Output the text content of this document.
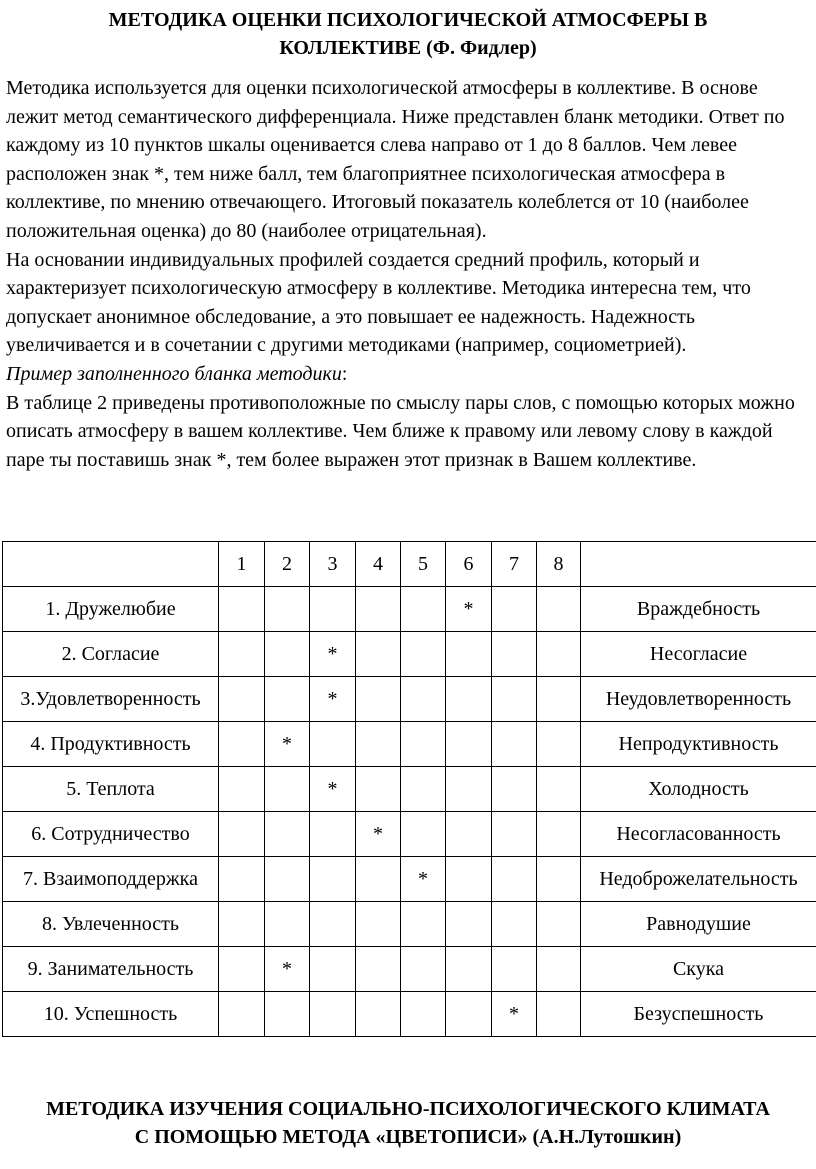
МЕТОДИКА ОЦЕНКИ ПСИХОЛОГИЧЕСКОЙ АТМОСФЕРЫ В
КОЛЛЕКТИВЕ (Ф. Фидлер)

Методика используется для оценки психологической атмосферы в коллективе. В основе лежит метод семантического дифференциала. Ниже представлен бланк методики. Ответ по каждому из 10 пунктов шкалы оценивается слева направо от 1 до 8 баллов. Чем левее расположен знак *, тем ниже балл, тем благоприятнее психологическая атмосфера в коллективе, по мнению отвечающего. Итоговый показатель колеблется от 10 (наиболее положительная оценка) до 80 (наиболее отрицательная).

На основании индивидуальных профилей создается средний профиль, который и характеризует психологическую атмосферу в коллективе. Методика интересна тем, что допускает анонимное обследование, а это повышает ее надежность. Надежность увеличивается и в сочетании с другими методиками (например, социометрией).

Пример заполненного бланка методики:

В таблице 2 приведены противоположные по смыслу пары слов, с помощью которых можно описать атмосферу в вашем коллективе. Чем ближе к правому или левому слову в каждой паре ты поставишь знак *, тем более выражен этот признак в Вашем коллективе.

	1	2	3	4	5	6	7	8	
1. Дружелюбие						*			Враждебность
2. Согласие			*						Несогласие
3.Удовлетворенность			*						Неудовлетворенность
4. Продуктивность		*							Непродуктивность
5. Теплота			*						Холодность
6. Сотрудничество				*					Несогласованность
7. Взаимоподдержка					*				Недоброжелательность
8. Увлеченность									Равнодушие
9. Занимательность		*							Скука
10. Успешность							*		Безуспешность
МЕТОДИКА ИЗУЧЕНИЯ СОЦИАЛЬНО-ПСИХОЛОГИЧЕСКОГО КЛИМАТА
С ПОМОЩЬЮ МЕТОДА «ЦВЕТОПИСИ» (А.Н.Лутошкин)
